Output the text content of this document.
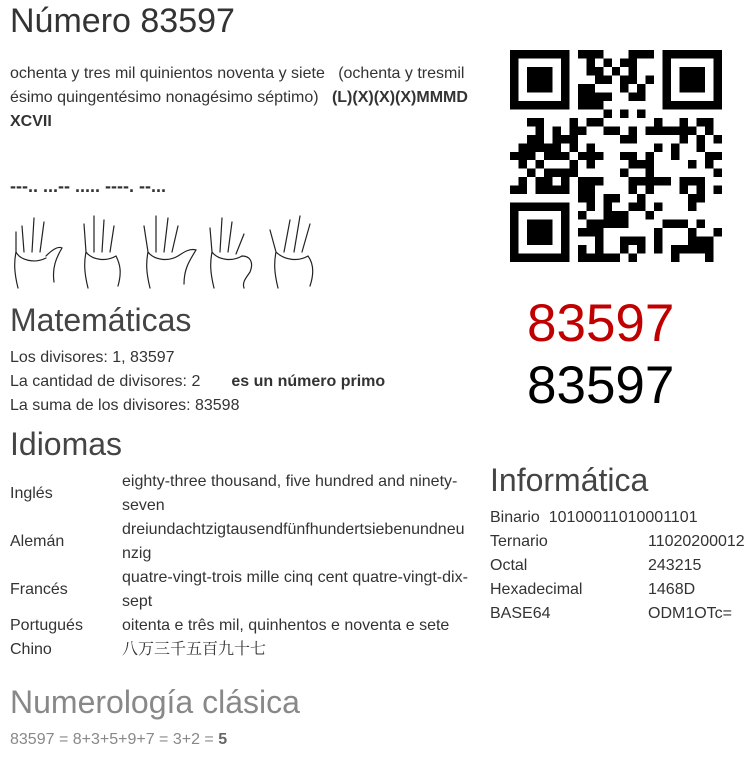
Número 83597
ochenta y tres mil quinientos noventa y siete (ochenta y tresmil ésimo quingentésimo nonagésimo séptimo) (L)(X)(X)(X)MMMD
XCVII
---.. ...-- ..... ----. --...
83597
83597
Matemáticas
Los divisores: 1, 83597
La cantidad de divisores: 2 es un número primo
La suma de los divisores: 83598
Idiomas
Inglés	eighty-three thousand, five hundred and ninety-
seven
Alemán	dreiundachtzigtausendfünfhundertsiebenundneu
nzig
Francés	quatre-vingt-trois mille cinq cent quatre-vingt-dix-
sept
Portugués	oitenta e três mil, quinhentos e noventa e sete
Chino	八万三千五百九十七
Informática
Binario 10100011010001101
Ternario	11020200012
Octal	243215
Hexadecimal	1468D
BASE64	ODM1OTc=
Numerología clásica
83597 = 8+3+5+9+7 = 3+2 = 5
